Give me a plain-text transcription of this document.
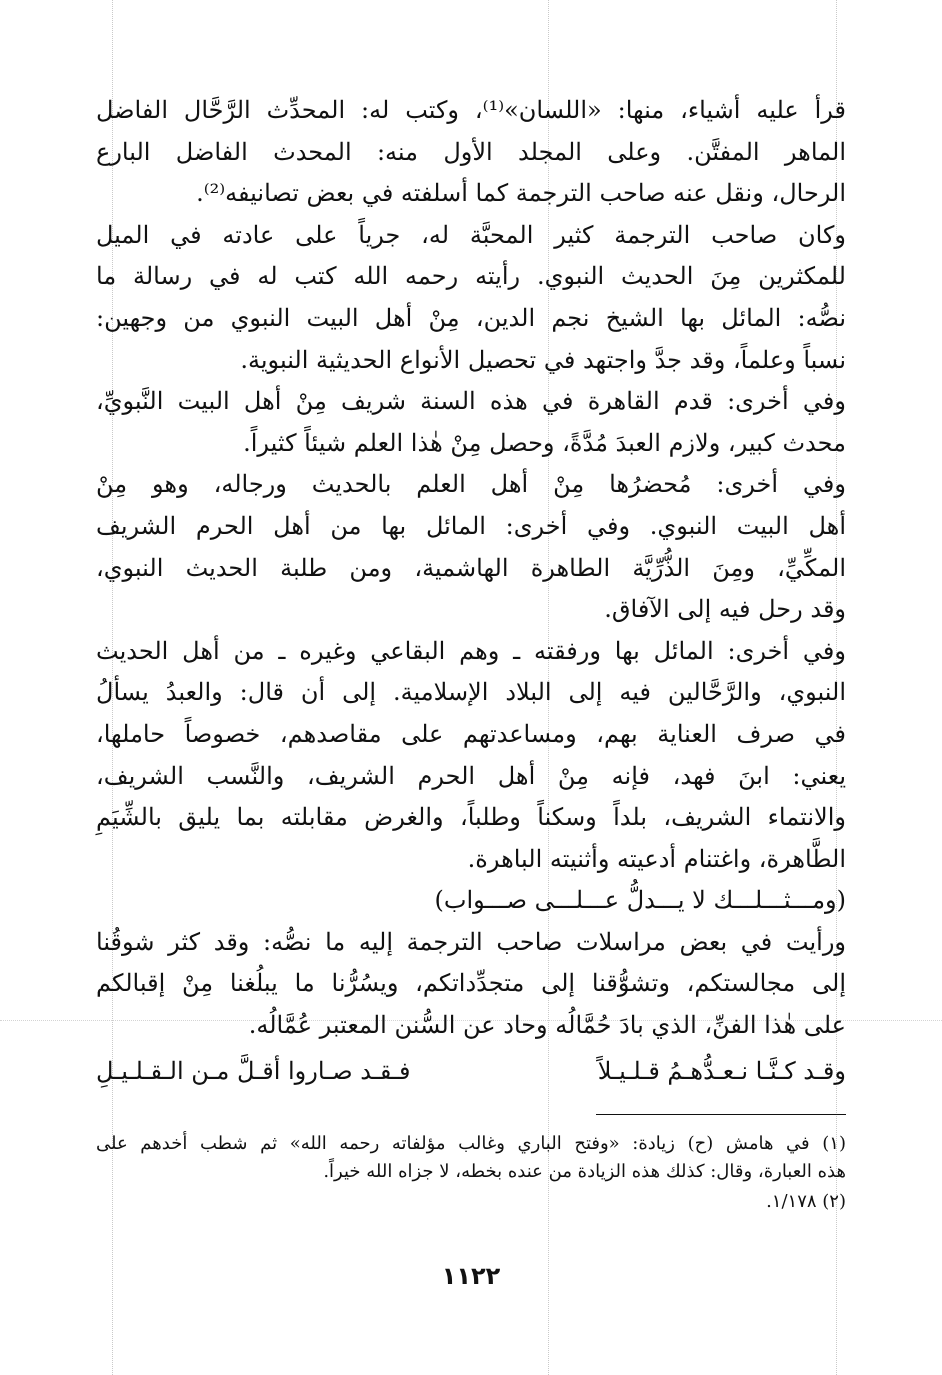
قرأ عليه أشياء، منها: «اللسان»⁽¹⁾، وكتب له: المحدِّث الرَّحَّال الفاضل
الماهر المفتَّن. وعلى المجلد الأول منه: المحدث الفاضل البارع
الرحال، ونقل عنه صاحب الترجمة كما أسلفته في بعض تصانيفه⁽²⁾.

وكان صاحب الترجمة كثير المحبَّة له، جرياً على عادته في الميل
للمكثرين مِنَ الحديث النبوي. رأيته رحمه الله كتب له في رسالة ما
نصُّه: المائل بها الشيخ نجم الدين، مِنْ أهل البيت النبوي من وجهين:
نسباً وعلماً، وقد جدَّ واجتهد في تحصيل الأنواع الحديثية النبوية.

وفي أخرى: قدم القاهرة في هذه السنة شريف مِنْ أهل البيت النَّبويِّ،
محدث كبير، ولازم العبدَ مُدَّةً، وحصل مِنْ هٰذا العلم شيئاً كثيراً.

وفي أخرى: مُحضرُها مِنْ أهل العلم بالحديث ورجاله، وهو مِنْ
أهل البيت النبوي. وفي أخرى: المائل بها من أهل الحرم الشريف
المكِّيِّ، ومِنَ الذُّرِّيَّة الطاهرة الهاشمية، ومن طلبة الحديث النبوي،
وقد رحل فيه إلى الآفاق.

وفي أخرى: المائل بها ورفقته ـ وهم البقاعي وغيره ـ من أهل الحديث
النبوي، والرَّحَّالين فيه إلى البلاد الإسلامية. إلى أن قال: والعبدُ يسألُ
في صرف العناية بهم، ومساعدتهم على مقاصدهم، خصوصاً حاملها،
يعني: ابنَ فهد، فإنه مِنْ أهل الحرم الشريف، والنَّسب الشريف،
والانتماء الشريف، بلداً وسكناً وطلباً، والغرض مقابلته بما يليق بالشِّيَمِ
الطَّاهرة، واغتنام أدعيته وأثنيته الباهرة.

(ومـــثـــلـــك لا يـــدلُّ عـــلـــى صـــواب)

ورأيت في بعض مراسلات صاحب الترجمة إليه ما نصُّه: وقد كثر شوقُنا
إلى مجالستكم، وتشوُّقنا إلى متجدِّداتكم، ويسُرُّنا ما يبلُغنا مِنْ إقبالكم
على هٰذا الفنِّ، الذي بادَ حُمَّالُه وحاد عن السُّنن المعتبر عُمَّالُه.

وقـد كـنَّـا نـعـدُّهـمُ قـلـيـلاً
فـقـد صـاروا أقـلَّ مـن الـقـلـيـلِ

(١) في هامش (ح) زيادة: «وفتح الباري وغالب مؤلفاته رحمه الله» ثم شطب أخدهم على
هذه العبارة، وقال: كذلك هذه الزيادة من عنده بخطه، لا جزاه الله خيراً.

(٢) ١/١٧٨.

١١٢٢
